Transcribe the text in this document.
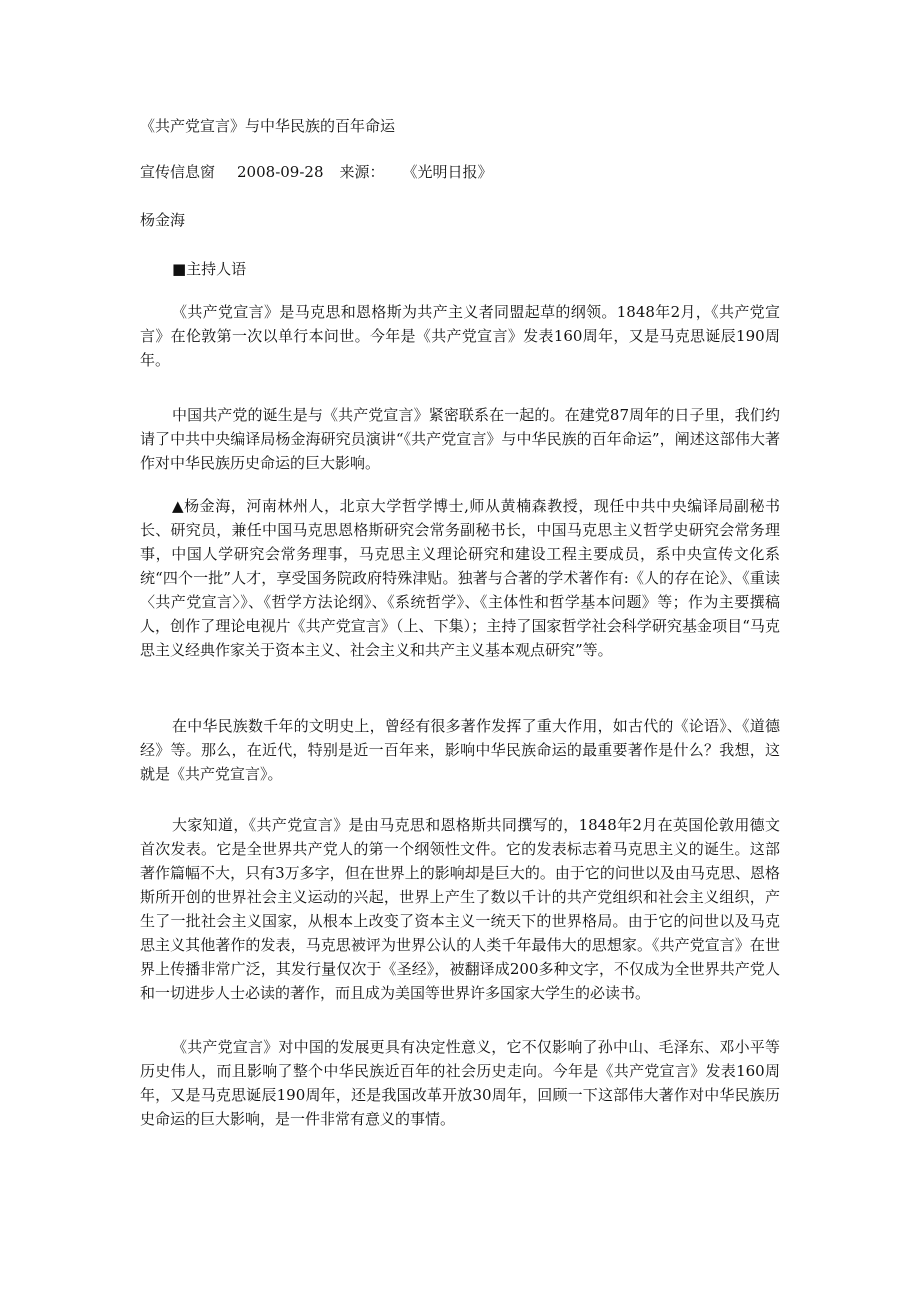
《共产党宣言》与中华民族的百年命运
宣传信息窗 2008-09-28 来源： 《光明日报》
杨金海
■主持人语

《共产党宣言》是马克思和恩格斯为共产主义者同盟起草的纲领。1848年2月，《共产党宣言》在伦敦第一次以单行本问世。今年是《共产党宣言》发表160周年，又是马克思诞辰190周年。

中国共产党的诞生是与《共产党宣言》紧密联系在一起的。在建党87周年的日子里，我们约请了中共中央编译局杨金海研究员演讲“《共产党宣言》与中华民族的百年命运”，阐述这部伟大著作对中华民族历史命运的巨大影响。

▲杨金海，河南林州人，北京大学哲学博士,师从黄楠森教授，现任中共中央编译局副秘书长、研究员，兼任中国马克思恩格斯研究会常务副秘书长，中国马克思主义哲学史研究会常务理事，中国人学研究会常务理事，马克思主义理论研究和建设工程主要成员，系中央宣传文化系统“四个一批”人才，享受国务院政府特殊津贴。独著与合著的学术著作有:《人的存在论》、《重读〈共产党宣言〉》、《哲学方法论纲》、《系统哲学》、《主体性和哲学基本问题》等；作为主要撰稿人，创作了理论电视片《共产党宣言》（上、下集）；主持了国家哲学社会科学研究基金项目“马克思主义经典作家关于资本主义、社会主义和共产主义基本观点研究”等。

在中华民族数千年的文明史上，曾经有很多著作发挥了重大作用，如古代的《论语》、《道德经》等。那么，在近代，特别是近一百年来，影响中华民族命运的最重要著作是什么？我想，这就是《共产党宣言》。

大家知道，《共产党宣言》是由马克思和恩格斯共同撰写的，1848年2月在英国伦敦用德文首次发表。它是全世界共产党人的第一个纲领性文件。它的发表标志着马克思主义的诞生。这部著作篇幅不大，只有3万多字，但在世界上的影响却是巨大的。由于它的问世以及由马克思、恩格斯所开创的世界社会主义运动的兴起，世界上产生了数以千计的共产党组织和社会主义组织，产生了一批社会主义国家，从根本上改变了资本主义一统天下的世界格局。由于它的问世以及马克思主义其他著作的发表，马克思被评为世界公认的人类千年最伟大的思想家。《共产党宣言》在世界上传播非常广泛，其发行量仅次于《圣经》，被翻译成200多种文字，不仅成为全世界共产党人和一切进步人士必读的著作，而且成为美国等世界许多国家大学生的必读书。

《共产党宣言》对中国的发展更具有决定性意义，它不仅影响了孙中山、毛泽东、邓小平等历史伟人，而且影响了整个中华民族近百年的社会历史走向。今年是《共产党宣言》发表160周年，又是马克思诞辰190周年，还是我国改革开放30周年，回顾一下这部伟大著作对中华民族历史命运的巨大影响，是一件非常有意义的事情。
